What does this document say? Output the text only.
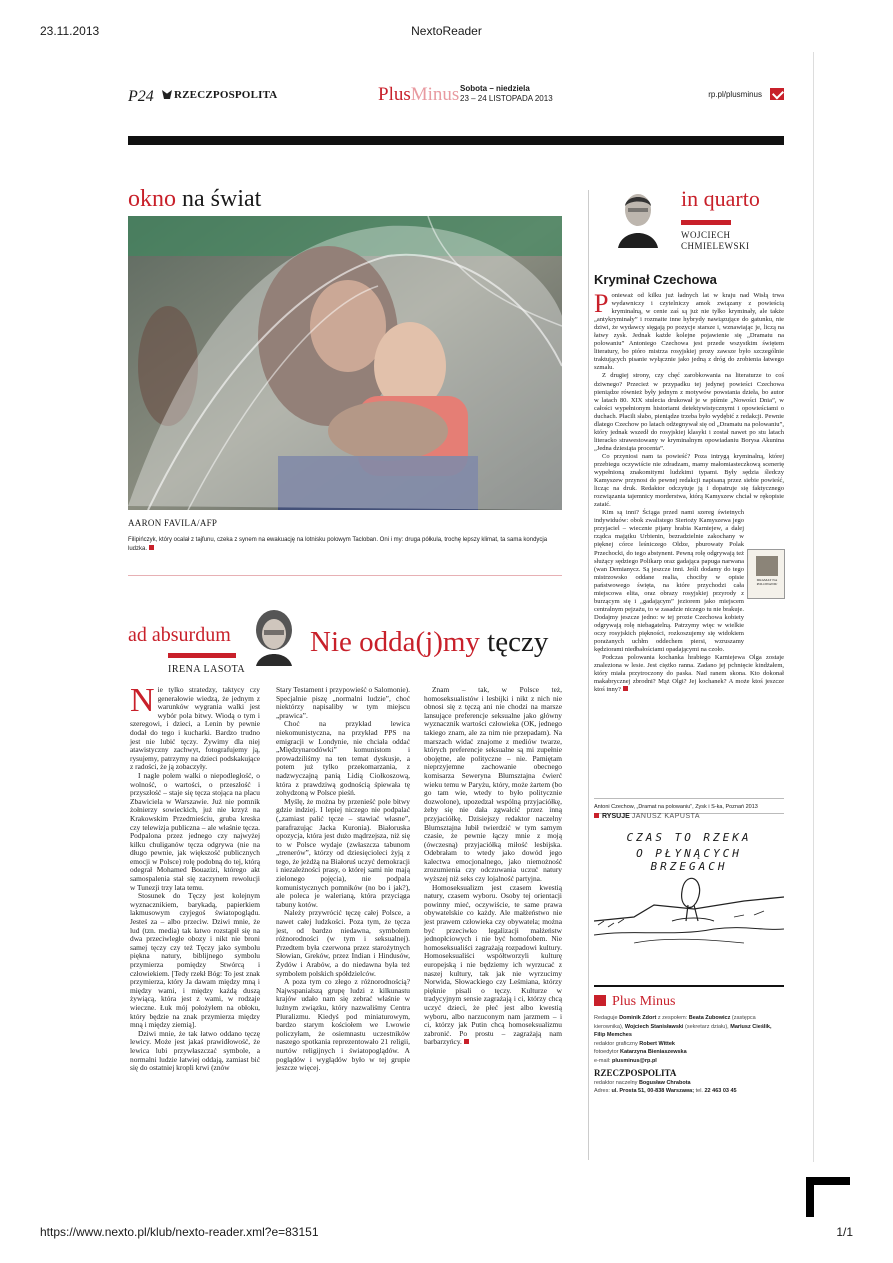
23.11.2013	NextoReader
P24	RZECZPOSPOLITA	PlusMinus Sobota – niedziela
23 – 24 LISTOPADA 2013	rp.pl/plusminus
okno na świat
AARON FAVILA/AFP
Filipińczyk, który ocalał z tajfunu, czeka z synem na ewakuację na lotnisku polowym Tacloban. Oni i my: druga półkula, trochę lepszy klimat, ta sama kondycja ludzka.
ad absurdum
IRENA LASOTA
Nie odda(j)my tęczy

Nie tylko stratedzy, taktycy czy generałowie wiedzą, że jednym z warunków wygrania walki jest wybór pola bitwy. Wiodą o tym i szeregowi, i dzieci, a Lenin by pewnie dodał do tego i kucharki. Bardzo trudno jest nie lubić tęczy. Żywimy dla niej atawistyczny zachwyt, fotografujemy ją, rysujemy, patrzymy na dzieci podskakujące z radości, że ją zobaczyły.

I nagle polem walki o niepodległość, o wolność, o wartości, o przeszłość i przyszłość – staje się tęcza stojąca na placu Zbawiciela w Warszawie. Już nie pomnik żołnierzy sowieckich, już nie krzyż na Krakowskim Przedmieściu, gruba kreska czy telewizja publiczna – ale właśnie tęcza. Podpalona przez jednego czy najwyżej kilku chuliganów tęcza odgrywa (nie na długo pewnie, jak większość publicznych emocji w Polsce) rolę podobną do tej, którą odegrał Mohamed Bouazizi, którego akt samospalenia stał się zaczynem rewolucji w Tunezji trzy lata temu.

Stosunek do Tęczy jest kolejnym wyznacznikiem, barykadą, papierkiem lakmusowym czyjegoś światopoglądu. Jesteś za – albo przeciw. Dziwi mnie, że lud (tzn. media) tak łatwo rozstąpił się na dwa przeciwległe obozy i nikt nie broni samej tęczy czy też Tęczy jako symbolu piękna natury, biblijnego symbolu przymierza pomiędzy Stwórcą i człowiekiem. [Tedy rzekł Bóg: To jest znak przymierza, który Ja dawam między mną i między wami, i między każdą duszą żywiącą, która jest z wami, w rodzaje wieczne. Łuk mój położyłem na obłoku, który będzie na znak przymierza między mną i między ziemią].

Dziwi mnie, że tak łatwo oddano tęczę lewicy. Może jest jakaś prawidłowość, że lewica lubi przywłaszczać symbole, a normalni ludzie łatwiej oddają, zamiast bić się do ostatniej kropli krwi (znów

Stary Testament i przypowieść o Salomonie). Specjalnie piszę „normalni ludzie”, choć niektórzy napisaliby w tym miejscu „prawica”.

Choć na przykład lewica niekomunistyczna, na przykład PPS na emigracji w Londynie, nie chciała oddać „Międzynarodówki” komunistom i prowadziliśmy na ten temat dyskusje, a potem już tylko przekomarzania, z nadzwyczajną panią Lidią Ciołkoszową, która z prawdziwą godnością śpiewała tę zohydzoną w Polsce pieśń.

Myślę, że można by przenieść pole bitwy gdzie indziej. I lepiej niczego nie podpalać („zamiast palić tęcze – stawiać własne”, parafrazując Jacka Kuronia). Białoruska opozycja, która jest dużo mądrzejsza, niż się to w Polsce wydaje (zwłaszcza tabunom „trenerów”, którzy od dziesięcioleci żyją z tego, że jeżdżą na Białoruś uczyć demokracji i niezależności prasy, o której sami nie mają zielonego pojęcia), nie podpala komunistycznych pomników (no bo i jak?), ale poleca je walerianą, która przyciąga tabuny kotów.

Należy przywrócić tęczę całej Polsce, a nawet całej ludzkości. Poza tym, że tęcza jest, od bardzo niedawna, symbolem różnorodności (w tym i seksualnej). Przedtem była czerwona przez starożytnych Słowian, Greków, przez Indian i Hindusów, Żydów i Arabów, a do niedawna była też symbolem polskich spółdzielców.

A poza tym co złego z różnorodnością? Najwspanialszą grupę ludzi z kilkunastu krajów udało nam się zebrać właśnie w luźnym związku, który nazwaliśmy Centra Pluralizmu. Kiedyś pod miniaturowym, bardzo starym kościołem we Lwowie policzyłam, że osiemnastu uczestników naszego spotkania reprezentowało 21 religii, nurtów religijnych i światopoglądów. A poglądów i wyglądów było w tej grupie jeszcze więcej.

Znam – tak, w Polsce też, homoseksualistów i lesbijki i nikt z nich nie obnosi się z tęczą ani nie chodzi na marsze lansujące preferencje seksualne jako główny wyznacznik wartości człowieka (OK, jednego takiego znam, ale za nim nie przepadam). Na marszach widać znajome z mediów twarze, których preferencje seksualne są mi zupełnie obojętne, ale polityczne – nie. Pamiętam nieprzyjemne zachowanie obecnego komisarza Seweryna Blumsztajna ćwierć wieku temu w Paryżu, który, może żartem (bo go tam wie, wtedy to było politycznie dozwolone), upozedzał wspólną przyjaciółkę, żeby się nie dała zgwałcić przez inną przyjaciółkę. Dzisiejszy redaktor naczelny Blumsztajna lubił twierdzić w tym samym czasie, że pewnie łączy mnie z moją (ówczesną) przyjaciółką miłość lesbijska. Odebrałam to wtedy jako dowód jego kalectwa emocjonalnego, jako niemożność zrozumienia czy odczuwania uczuć natury wyższej niż seks czy lojalność partyjna.

Homoseksualizm jest czasem kwestią natury, czasem wyboru. Osoby tej orientacji powinny mieć, oczywiście, te same prawa obywatelskie co każdy. Ale małżeństwo nie jest prawem człowieka czy obywatela; można być przeciwko legalizacji małżeństw jednopłciowych i nie być homofobem. Nie homoseksualiści zagrażają rozpadowi kultury. Homoseksualiści współtworzyli kulturę europejską i nie będziemy ich wyrzucać z naszej kultury, tak jak nie wyrzucimy Norwida, Słowackiego czy Leśmiana, którzy pięknie pisali o tęczy. Kulturze w tradycyjnym sensie zagrażają i ci, którzy chcą uczyć dzieci, że płeć jest albo kwestią wyboru, albo narzuconym nam jarzmem – i ci, którzy jak Putin chcą homoseksualizmu zabronić. Po prostu – zagrażają nam barbarzyńcy.

in quarto
WOJCIECH
CHMIELEWSKI
Kryminał Czechowa

Ponieważ od kilku już ładnych lat w kraju nad Wisłą trwa wydawniczy i czytelniczy amok związany z powieścią kryminalną, w cenie zaś są już nie tylko kryminały, ale także „antykryminały” i rozmaite inne hybrydy nawiązujące do gatunku, nie dziwi, że wydawcy sięgają po pozycje starsze i, wznawiając je, liczą na łatwy zysk. Jednak każde kolejne pojawienie się „Dramatu na polowaniu” Antoniego Czechowa jest przede wszystkim świętem literatury, bo pióro mistrza rosyjskiej prozy zawsze było szczególnie traktujących pisanie wyłącznie jako jedną z dróg do zrobienia łatwego szmalu.

Z drugiej strony, czy chęć zarobkowania na literaturze to coś dziwnego? Przecież w przypadku tej jedynej powieści Czechowa pieniądze również były jednym z motywów powstania dzieła, bo autor w latach 80. XIX stulecia drukował je w piśmie „Nowości Dnia”, w całości wypełnionym historiami detektywistycznymi i opowieściami o duchach. Płacili słabo, pieniądze trzeba było wydębić z redakcji. Pewnie dlatego Czechow po latach odżegnywał się od „Dramatu na polowaniu”, który jednak wszedł do rosyjskiej klasyki i został nawet po stu latach literacko strawestowany w kryminalnym opowiadaniu Borysa Akunina „Jedna dziesiąta procenta”.

Co przyniosi nam ta powieść? Poza intrygą kryminalną, której przebiegu oczywiście nie zdradzam, mamy małomiasteczkową scenerię wypełnioną znakomitymi ludzkimi typami. Były sędzia śledczy Kamyszew przynosi do pewnej redakcji napisaną przez siebie powieść, licząc na druk. Redaktor odczytuje ją i dopatruje się faktycznego rozwiązania tajemnicy morderstwa, którą Kamyszew chciał w rękopisie zataić.

Kim są inni? Ściąga przed nami szereg świetnych indywiduów: obok zwalistego Sierioży Kamyszewa jego przyjaciel – wiecznie pijany hrabia Karniejew, a dalej rządca majątku Urbienin, bezradzielnie zakochany w pięknej córce leśniczego Oldze, pburowaty Polak Przechocki, do tego abstynent. Pewną rolę odgrywają też służący sędziego Polikarp oraz gadająca papuga narwana (wan Demianycz. Są jeszcze inni. Jeśli dodamy do tego mistrzowsko oddane realia, chociby w opisie państwowego święta, na które przychodzi cała miejscowa elita, oraz obrazy rosyjskiej przyrody z burzącym się i „gadającym” jeziorem jako miejscem centralnym pejzażu, to w zasadzie niczego tu nie brakuje. Dodajmy jeszcze jedno: w tej prozie Czechowa kobiety odgrywają rolę niebagatelną. Patrzymy więc w wielkie oczy rosyjskich piękności, rozkoszujemy się widokiem porażanych uchłm oddechem piersi, wzruszamy kędziorami niedbałościami opadającymi na czoło.

Podczas polowania kochanka hrabiego Karniejewa Olga zostaje znaleziona w lesie. Jest ciężko ranna. Zadano jej pchnięcie kindżałem, który miała przytroczony do paska. Nad ranem skona. Kto dokonał makabrycznej zbrodni? Mąż Olgi? Jej kochanek? A może ktoś jeszcze ktoś inny?

DRAMAT NA POLOWANIU
Antoni Czechow, „Dramat na polowaniu”, Zysk i S-ka, Poznań 2013
RYSUJE JANUSZ KAPUSTA
CZAS TO RZEKA
O PŁYNĄCYCH BRZEGACH
Plus Minus
Redaguje Dominik Zdort z zespołem: Beata Zubowicz (zastępca kierownika), Wojciech Stanisławski (sekretarz działu), Mariusz Cieślik, Filip Memches
redaktor graficzny Robert Wittek
fotoedytor Katarzyna Bieniaszewska
e-mail: plusminus@rp.pl
RZECZPOSPOLITA
redaktor naczelny Bogusław Chrabota
Adres: ul. Prosta 51, 00-838 Warszawa; tel. 22 463 03 45
https://www.nexto.pl/klub/nexto-reader.xml?e=83151	1/1
